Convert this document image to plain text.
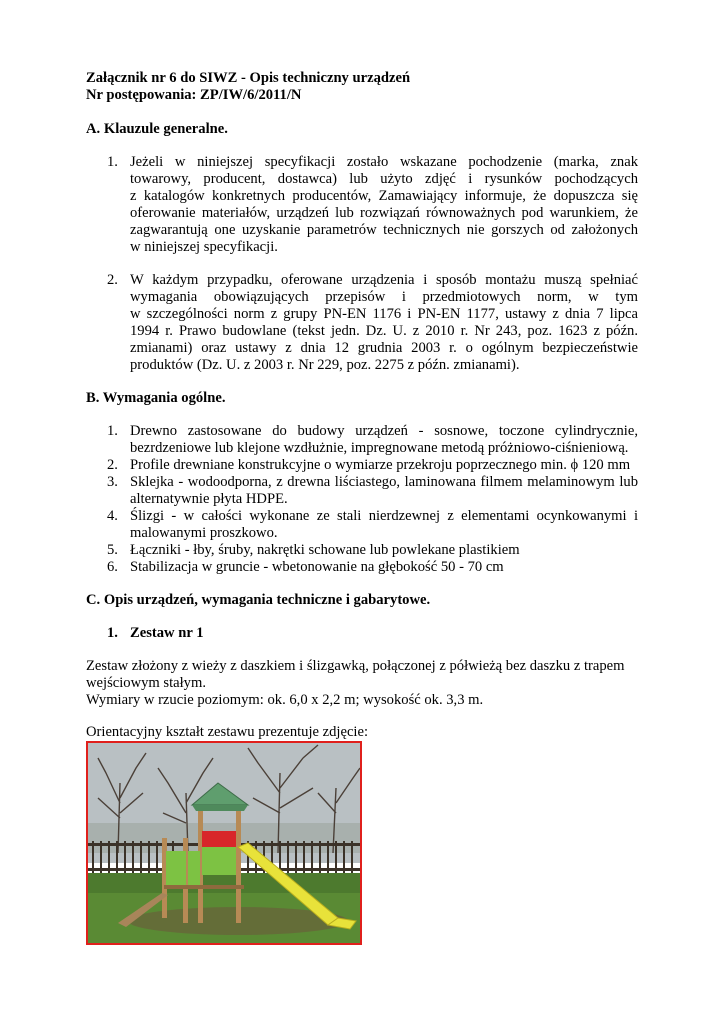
Załącznik nr 6 do SIWZ - Opis techniczny urządzeń
Nr postępowania: ZP/IW/6/2011/N
A. Klauzule generalne.
1. Jeżeli w niniejszej specyfikacji zostało wskazane pochodzenie (marka, znak
towarowy, producent, dostawca) lub użyto zdjęć i rysunków pochodzących
z katalogów konkretnych producentów, Zamawiający informuje, że dopuszcza się
oferowanie materiałów, urządzeń lub rozwiązań równoważnych pod warunkiem, że
zagwarantują one uzyskanie parametrów technicznych nie gorszych od założonych
w niniejszej specyfikacji.
2. W każdym przypadku, oferowane urządzenia i sposób montażu muszą spełniać
wymagania obowiązujących przepisów i przedmiotowych norm, w tym
w szczególności norm z grupy PN-EN 1176 i PN-EN 1177, ustawy z dnia 7 lipca
1994 r. Prawo budowlane (tekst jedn. Dz. U. z 2010 r. Nr 243, poz. 1623 z późn.
zmianami) oraz ustawy z dnia 12 grudnia 2003 r. o ogólnym bezpieczeństwie
produktów (Dz. U. z 2003 r. Nr 229, poz. 2275 z późn. zmianami).
B. Wymagania ogólne.
1. Drewno zastosowane do budowy urządzeń - sosnowe, toczone cylindrycznie,
bezrdzeniowe lub klejone wzdłużnie, impregnowane metodą próżniowo-ciśnieniową.
2. Profile drewniane konstrukcyjne o wymiarze przekroju poprzecznego min. ϕ 120 mm
3. Sklejka - wodoodporna, z drewna liściastego, laminowana filmem melaminowym lub
alternatywnie płyta HDPE.
4. Ślizgi - w całości wykonane ze stali nierdzewnej z elementami ocynkowanymi i
malowanymi proszkowo.
5. Łączniki - łby, śruby, nakrętki schowane lub powlekane plastikiem
6. Stabilizacja w gruncie - wbetonowanie na głębokość 50 - 70 cm
C. Opis urządzeń, wymagania techniczne i gabarytowe.
1. Zestaw nr 1
Zestaw złożony z wieży z daszkiem i ślizgawką, połączonej z półwieżą bez daszku z trapem
wejściowym stałym.
Wymiary w rzucie poziomym: ok. 6,0 x 2,2 m; wysokość ok. 3,3 m.
Orientacyjny kształt zestawu prezentuje zdjęcie:
